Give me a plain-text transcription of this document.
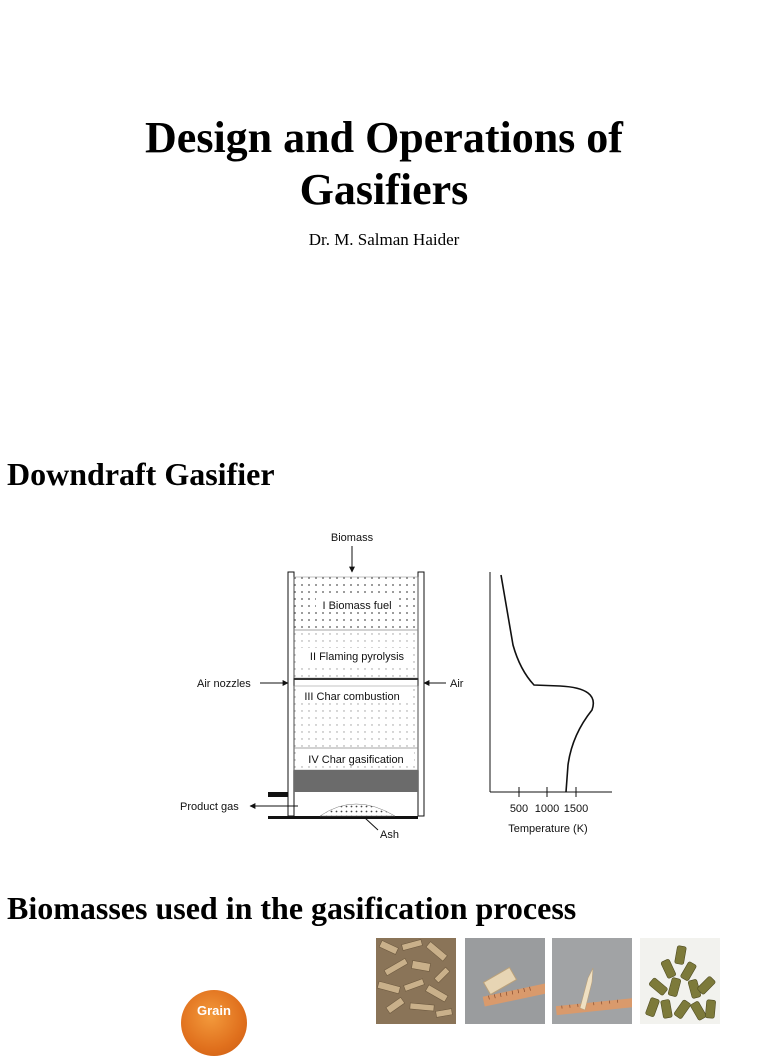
Design and Operations of
Gasifiers
Dr. M. Salman Haider
Downdraft Gasifier
Biomass
I Biomass fuel
II Flaming pyrolysis
III Char combustion
IV Char gasification
Air nozzles	Air
Product gas
Ash
500 1000 1500
Temperature (K)
Biomasses used in the gasification process
Grain
